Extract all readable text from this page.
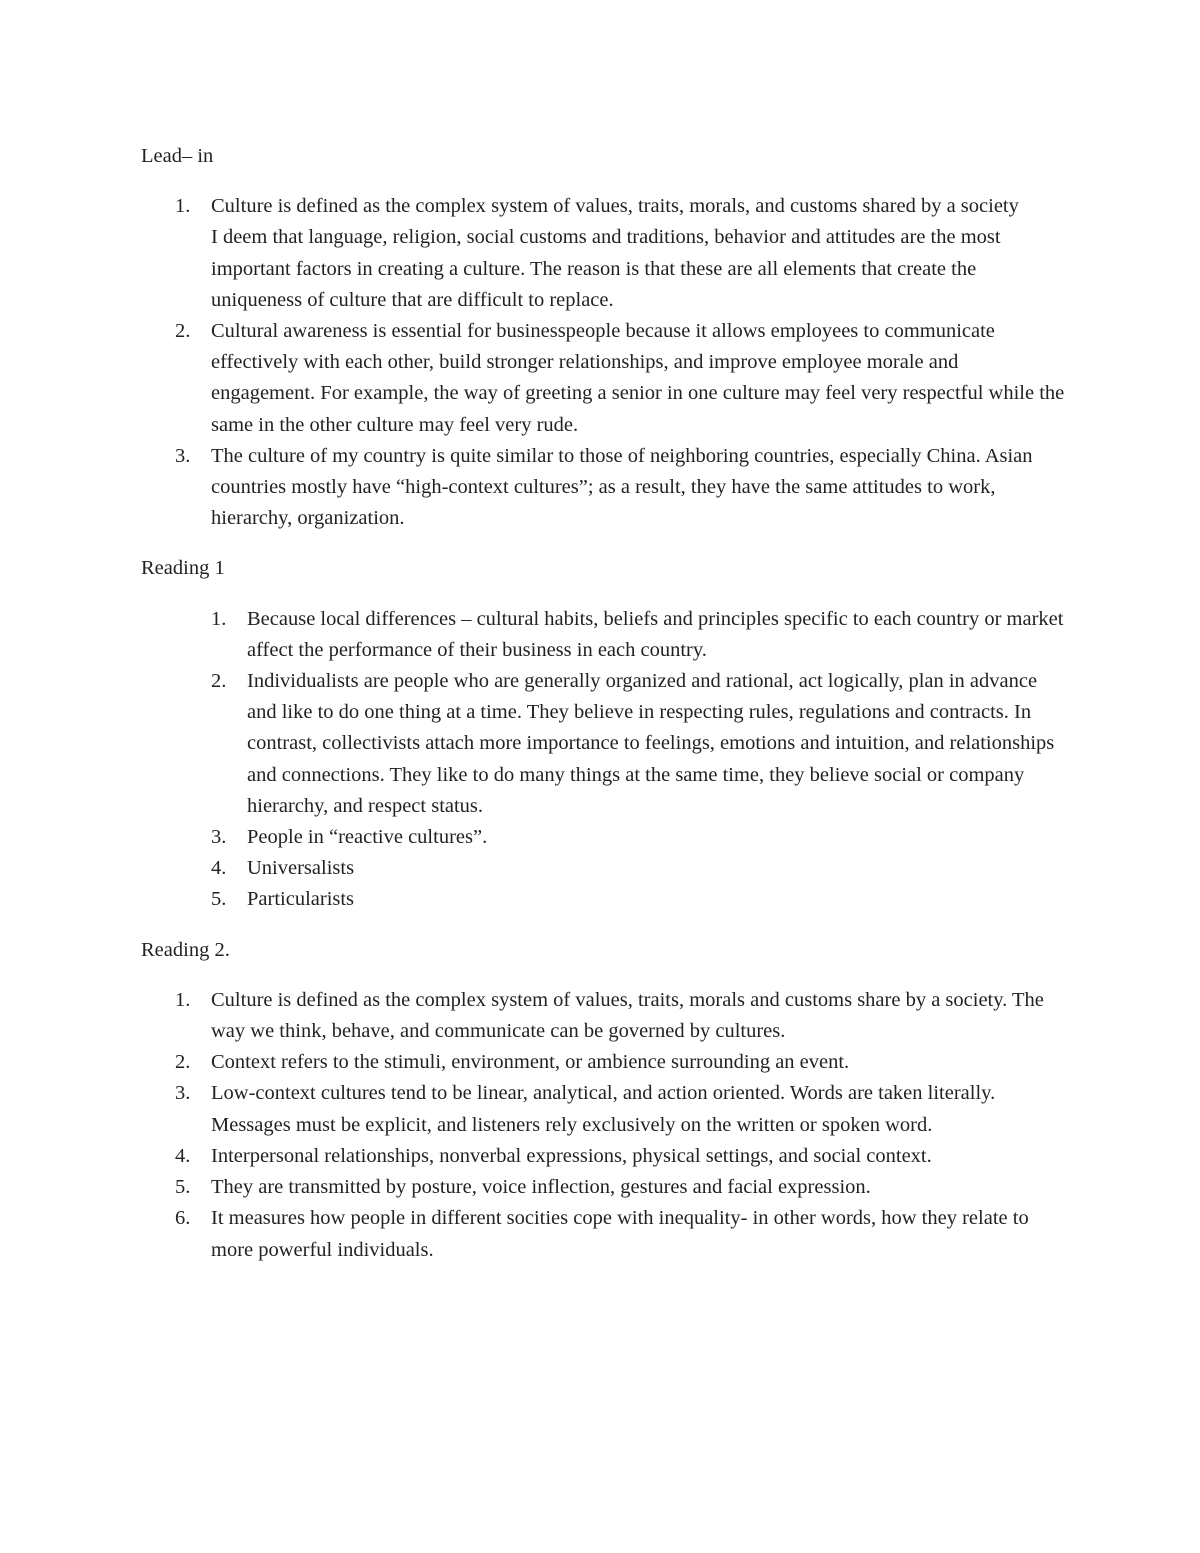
Lead– in
1. Culture is defined as the complex system of values, traits, morals, and customs shared by a society

I deem that language, religion, social customs and traditions, behavior and attitudes are the most important factors in creating a culture. The reason is that these are all elements that create the uniqueness of culture that are difficult to replace.

2. Cultural awareness is essential for businesspeople because it allows employees to communicate effectively with each other, build stronger relationships, and improve employee morale and engagement. For example, the way of greeting a senior in one culture may feel very respectful while the same in the other culture may feel very rude.

3. The culture of my country is quite similar to those of neighboring countries, especially China. Asian countries mostly have “high-context cultures”; as a result, they have the same attitudes to work, hierarchy, organization.

Reading 1
1. Because local differences – cultural habits, beliefs and principles specific to each country or market affect the performance of their business in each country.

2. Individualists are people who are generally organized and rational, act logically, plan in advance and like to do one thing at a time. They believe in respecting rules, regulations and contracts. In contrast, collectivists attach more importance to feelings, emotions and intuition, and relationships and connections. They like to do many things at the same time, they believe social or company hierarchy, and respect status.

3. People in “reactive cultures”.

4. Universalists

5. Particularists

Reading 2.
1. Culture is defined as the complex system of values, traits, morals and customs share by a society. The way we think, behave, and communicate can be governed by cultures.

2. Context refers to the stimuli, environment, or ambience surrounding an event.

3. Low-context cultures tend to be linear, analytical, and action oriented. Words are taken literally. Messages must be explicit, and listeners rely exclusively on the written or spoken word.

4. Interpersonal relationships, nonverbal expressions, physical settings, and social context.

5. They are transmitted by posture, voice inflection, gestures and facial expression.

6. It measures how people in different socities cope with inequality- in other words, how they relate to more powerful individuals.
